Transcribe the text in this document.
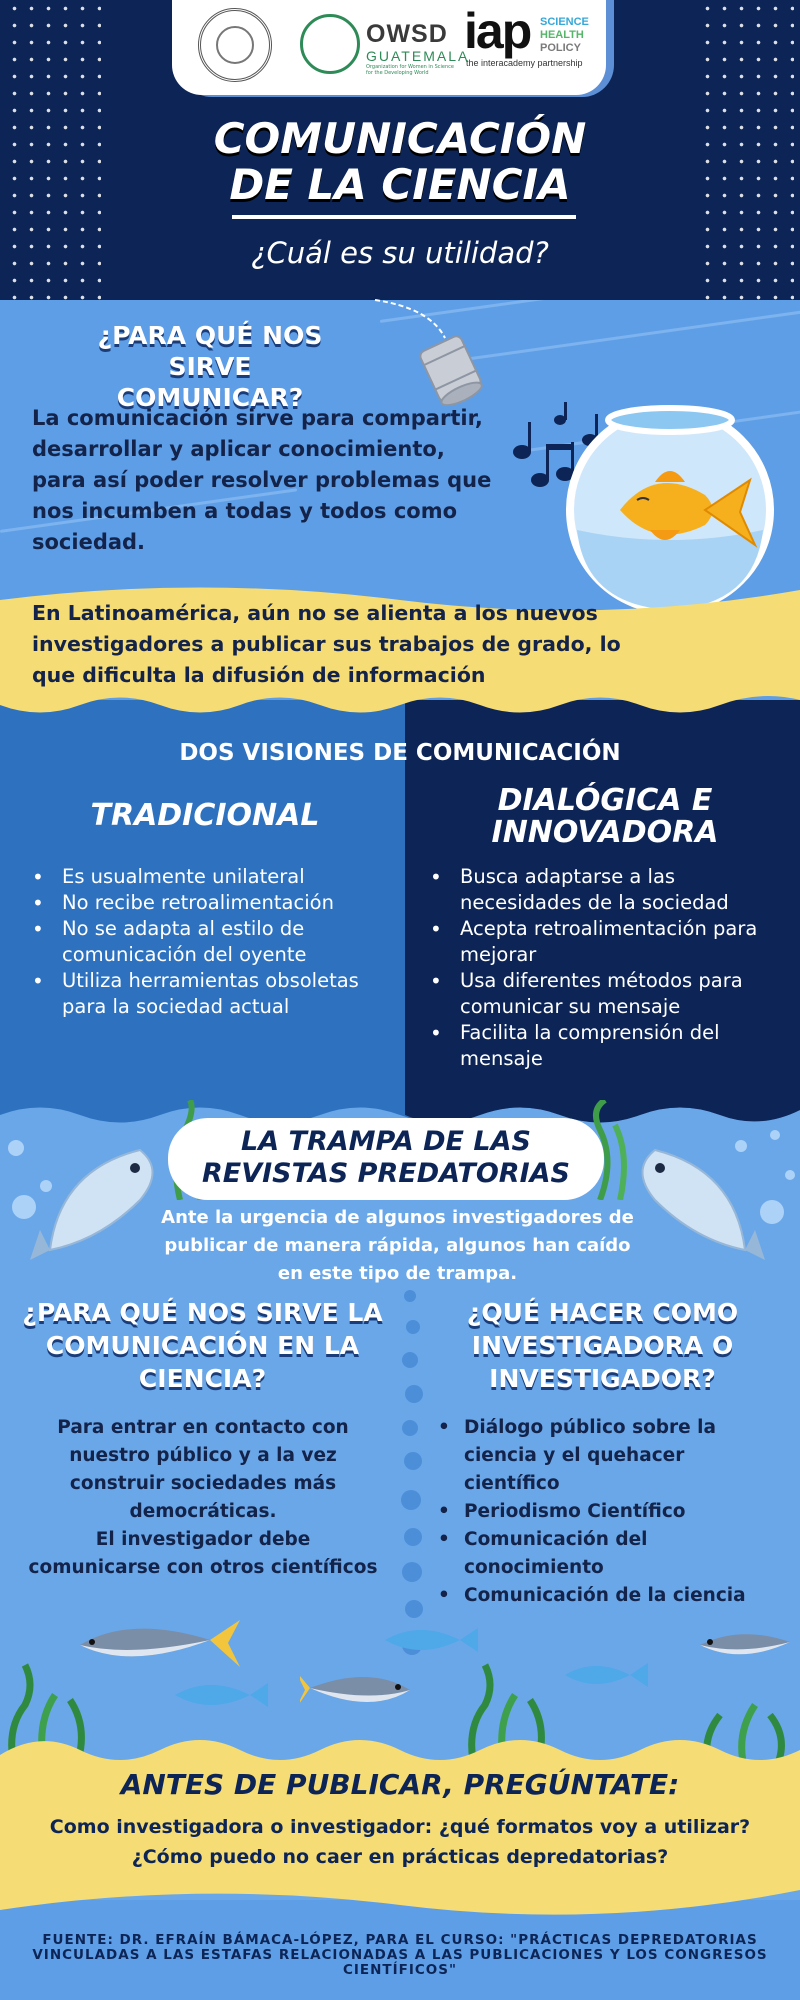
OWSD
GUATEMALA
Organization for Women in Science for the Developing World
iap SCIENCE
HEALTH
POLICY
the interacademy partnership
COMUNICACIÓN
DE LA CIENCIA
¿Cuál es su utilidad?
¿PARA QUÉ NOS SIRVE
COMUNICAR?
La comunicación sirve para compartir, desarrollar y aplicar conocimiento, para así poder resolver problemas que nos incumben a todas y todos como sociedad.
En Latinoamérica, aún no se alienta a los nuevos investigadores a publicar sus trabajos de grado, lo que dificulta la difusión de información
DOS VISIONES DE COMUNICACIÓN
TRADICIONAL	DIALÓGICA E
INNOVADORA
• Es usualmente unilateral
• No recibe retroalimentación
• No se adapta al estilo de comunicación del oyente
• Utiliza herramientas obsoletas para la sociedad actual
• Busca adaptarse a las necesidades de la sociedad
• Acepta retroalimentación para mejorar
• Usa diferentes métodos para comunicar su mensaje
• Facilita la comprensión del mensaje
LA TRAMPA DE LAS
REVISTAS PREDATORIAS
Ante la urgencia de algunos investigadores de publicar de manera rápida, algunos han caído en este tipo de trampa.
¿PARA QUÉ NOS SIRVE LA
COMUNICACIÓN EN LA
CIENCIA?
¿QUÉ HACER COMO
INVESTIGADORA O
INVESTIGADOR?
Para entrar en contacto con nuestro público y a la vez construir sociedades más democráticas.
El investigador debe comunicarse con otros científicos
• Diálogo público sobre la ciencia y el quehacer científico
• Periodismo Científico
• Comunicación del conocimiento
• Comunicación de la ciencia
ANTES DE PUBLICAR, PREGÚNTATE:
Como investigadora o investigador: ¿qué formatos voy a utilizar?
¿Cómo puedo no caer en prácticas depredatorias?
FUENTE: DR. EFRAÍN BÁMACA-LÓPEZ, PARA EL CURSO: "PRÁCTICAS DEPREDATORIAS VINCULADAS A LAS ESTAFAS RELACIONADAS A LAS PUBLICACIONES Y LOS CONGRESOS CIENTÍFICOS"
